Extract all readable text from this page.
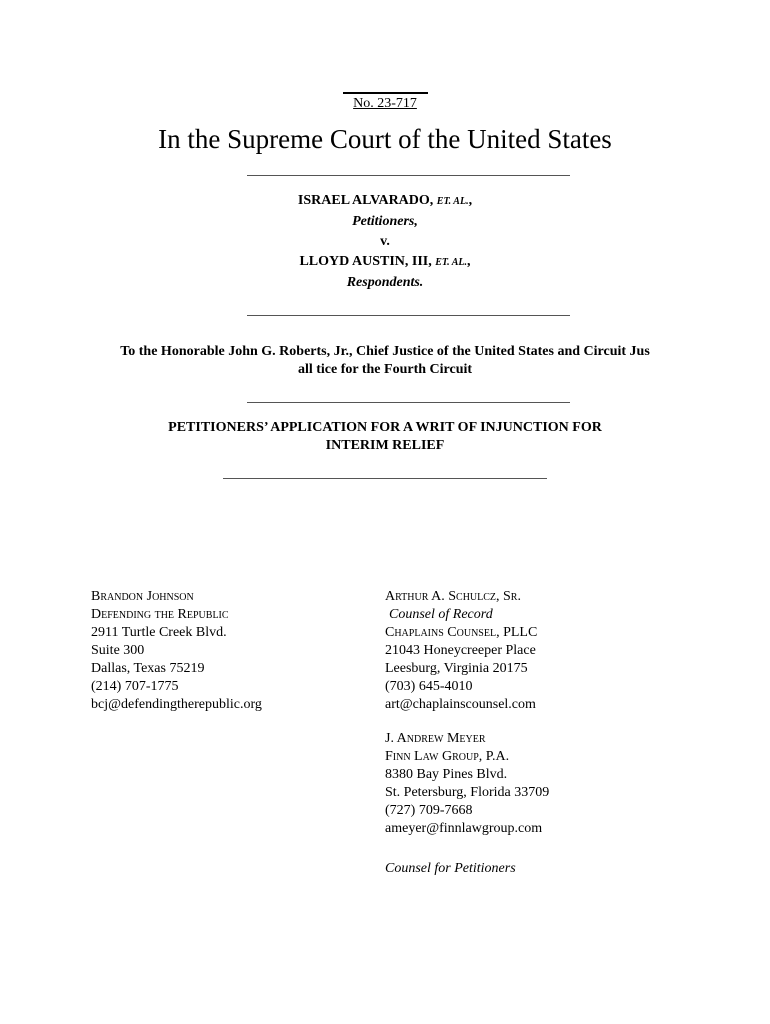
No. 23-717
In the Supreme Court of the United States
ISRAEL ALVARADO, ET. AL.,
Petitioners,
v.
LLOYD AUSTIN, III, ET. AL.,
Respondents.
To the Honorable John G. Roberts, Jr., Chief Justice of the United States and Circuit Jus
all tice for the Fourth Circuit
PETITIONERS’ APPLICATION FOR A WRIT OF INJUNCTION FOR
INTERIM RELIEF
Brandon Johnson
Defending the Republic
2911 Turtle Creek Blvd.
Suite 300
Dallas, Texas 75219
(214) 707-1775
bcj@defendingtherepublic.org
Arthur A. Schulcz, Sr.
Counsel of Record
Chaplains Counsel, PLLC
21043 Honeycreeper Place
Leesburg, Virginia 20175
(703) 645-4010
art@chaplainscounsel.com
J. Andrew Meyer
Finn Law Group, P.A.
8380 Bay Pines Blvd.
St. Petersburg, Florida 33709
(727) 709-7668
ameyer@finnlawgroup.com
Counsel for Petitioners
